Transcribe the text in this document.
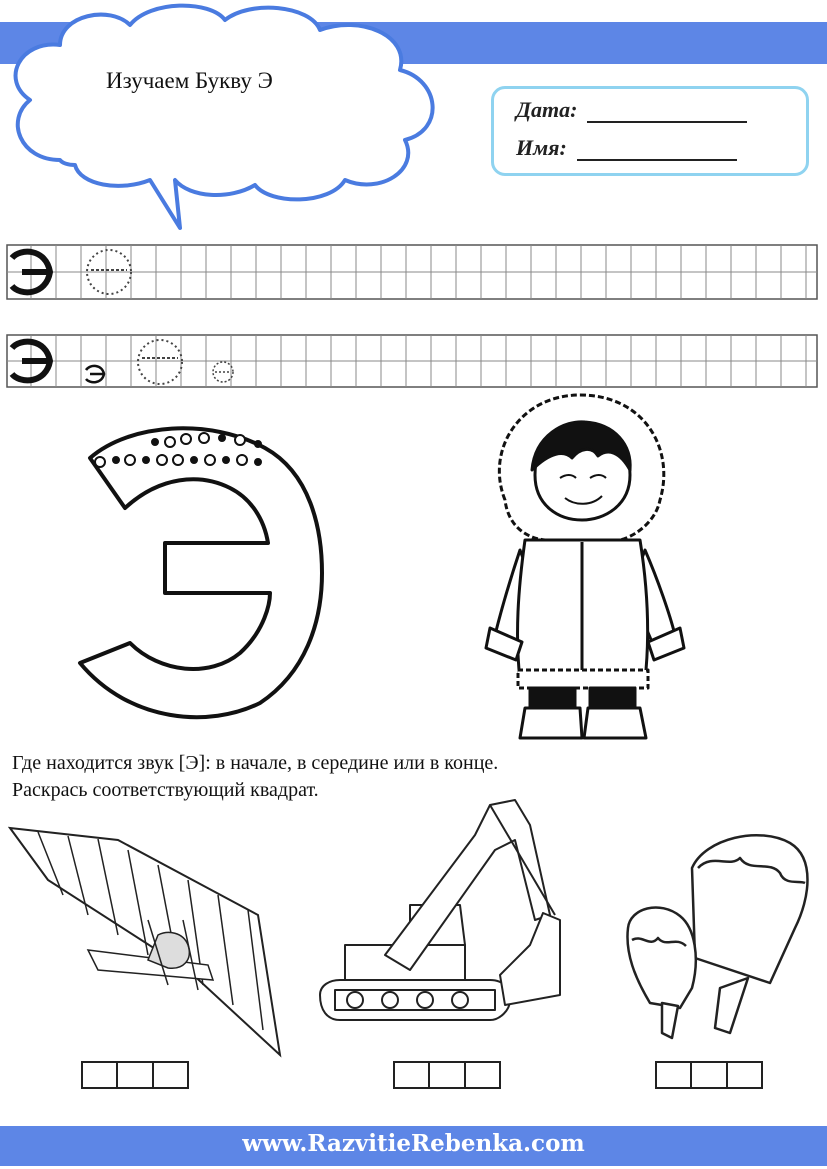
Изучаем Букву Э
Дата:
Имя:
Где находится звук [Э]: в начале, в середине или в конце.
Раскрась соответствующий квадрат.
www.RazvitieRebenka.com
